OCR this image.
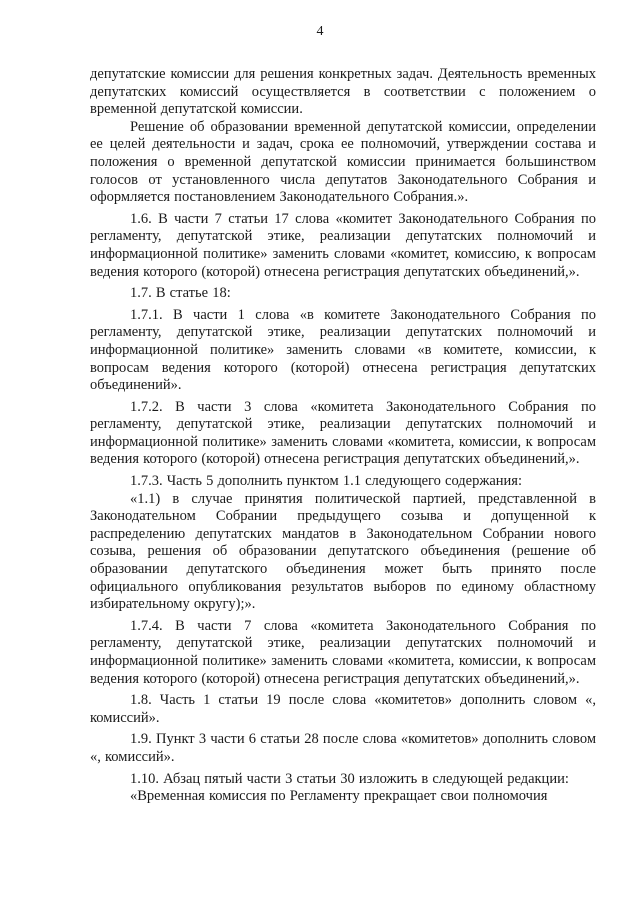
4

депутатские комиссии для решения конкретных задач. Деятельность временных депутатских комиссий осуществляется в соответствии с положением о временной депутатской комиссии.

Решение об образовании временной депутатской комиссии, определении ее целей деятельности и задач, срока ее полномочий, утверждении состава и положения о временной депутатской комиссии принимается большинством голосов от установленного числа депутатов Законодательного Собрания и оформляется постановлением Законодательного Собрания.».

1.6. В части 7 статьи 17 слова «комитет Законодательного Собрания по регламенту, депутатской этике, реализации депутатских полномочий и информационной политике» заменить словами «комитет, комиссию, к вопросам ведения которого (которой) отнесена регистрация депутатских объединений,».

1.7. В статье 18:

1.7.1. В части 1 слова «в комитете Законодательного Собрания по регламенту, депутатской этике, реализации депутатских полномочий и информационной политике» заменить словами «в комитете, комиссии, к вопросам ведения которого (которой) отнесена регистрация депутатских объединений».

1.7.2. В части 3 слова «комитета Законодательного Собрания по регламенту, депутатской этике, реализации депутатских полномочий и информационной политике» заменить словами «комитета, комиссии, к вопросам ведения которого (которой) отнесена регистрация депутатских объединений,».

1.7.3. Часть 5 дополнить пунктом 1.1 следующего содержания:

«1.1) в случае принятия политической партией, представленной в Законодательном Собрании предыдущего созыва и допущенной к распределению депутатских мандатов в Законодательном Собрании нового созыва, решения об образовании депутатского объединения (решение об образовании депутатского объединения может быть принято после официального опубликования результатов выборов по единому областному избирательному округу);».

1.7.4. В части 7 слова «комитета Законодательного Собрания по регламенту, депутатской этике, реализации депутатских полномочий и информационной политике» заменить словами «комитета, комиссии, к вопросам ведения которого (которой) отнесена регистрация депутатских объединений,».

1.8. Часть 1 статьи 19 после слова «комитетов» дополнить словом «, комиссий».

1.9. Пункт 3 части 6 статьи 28 после слова «комитетов» дополнить словом «, комиссий».

1.10. Абзац пятый части 3 статьи 30 изложить в следующей редакции:

«Временная комиссия по Регламенту прекращает свои полномочия
